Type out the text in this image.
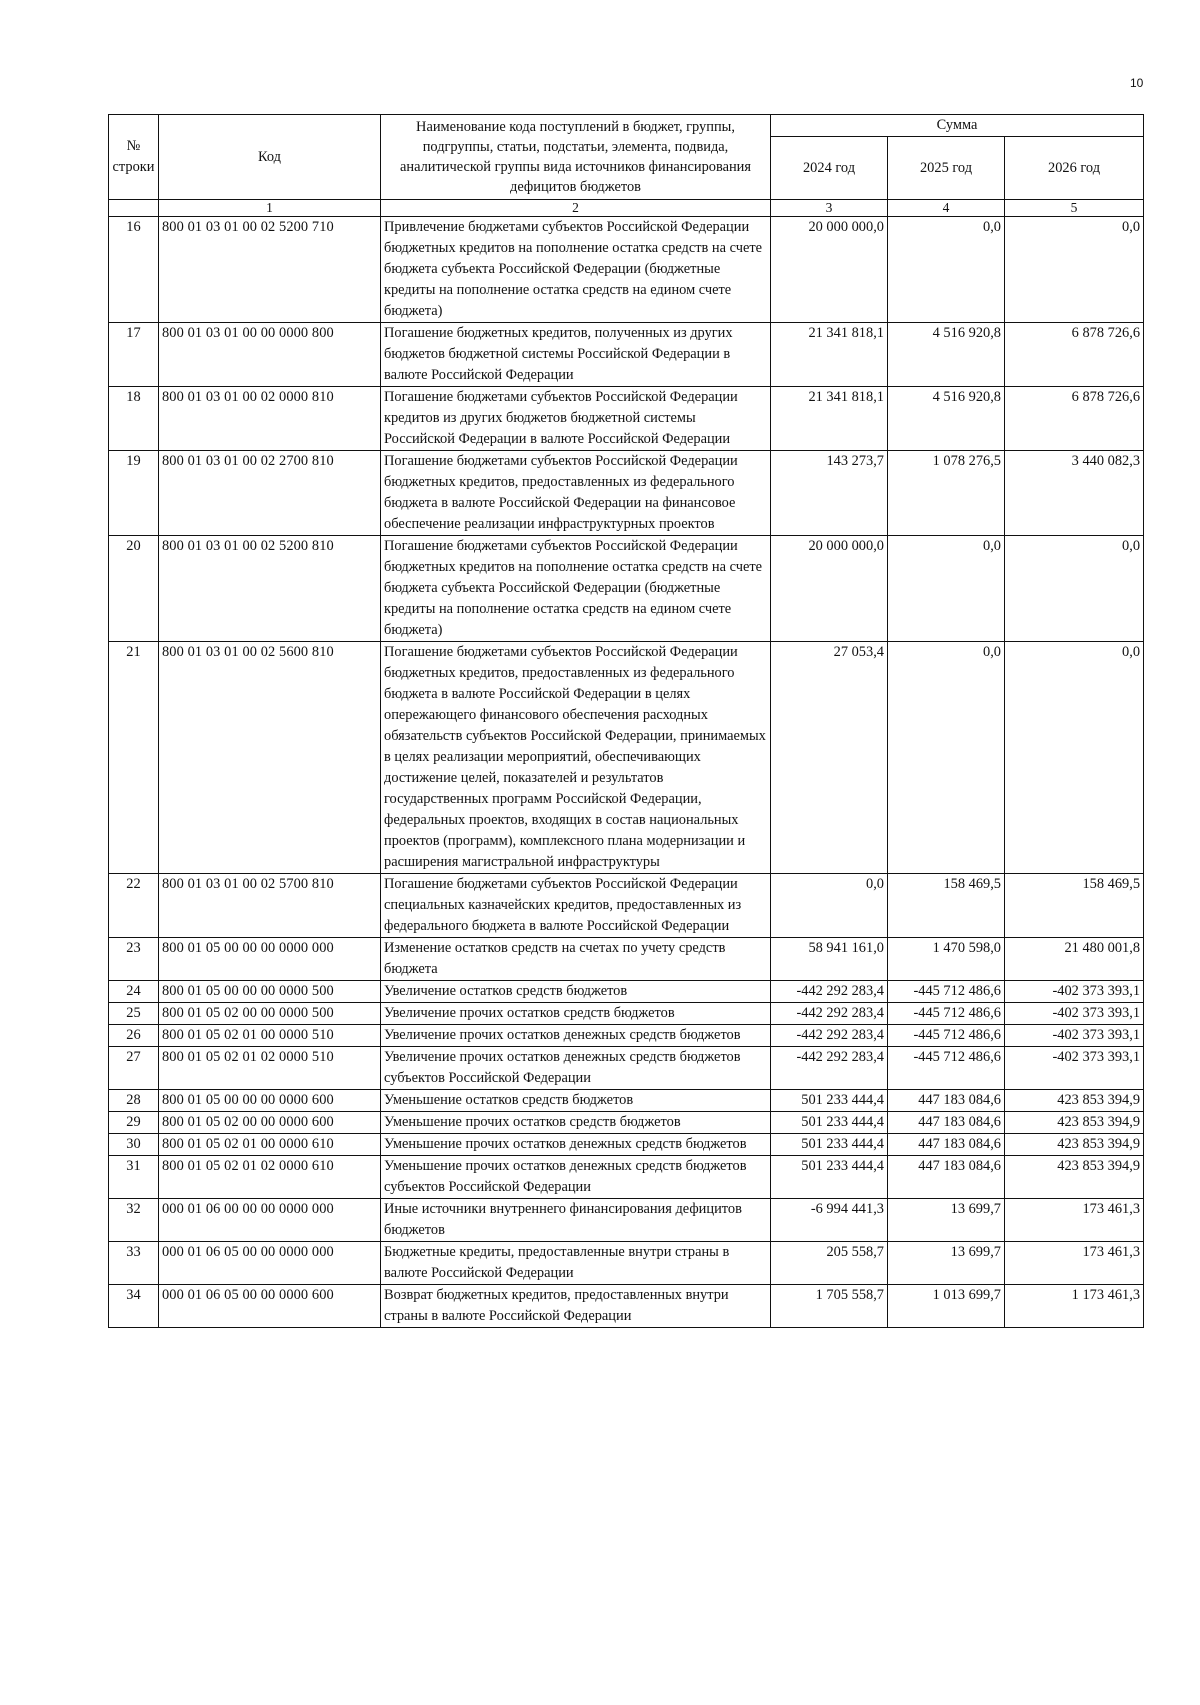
10
№ строки	Код	Наименование кода поступлений в бюджет, группы, подгруппы, статьи, подстатьи, элемента, подвида, аналитической группы вида источников финансирования дефицитов бюджетов	Сумма		
			2024 год	2025 год	2026 год
	1	2	3	4	5
16	800 01 03 01 00 02 5200 710	Привлечение бюджетами субъектов Российской Федерации бюджетных кредитов на пополнение остатка средств на счете бюджета субъекта Российской Федерации (бюджетные кредиты на пополнение остатка средств на едином счете бюджета)	20 000 000,0	0,0	0,0
17	800 01 03 01 00 00 0000 800	Погашение бюджетных кредитов, полученных из других бюджетов бюджетной системы Российской Федерации в валюте Российской Федерации	21 341 818,1	4 516 920,8	6 878 726,6
18	800 01 03 01 00 02 0000 810	Погашение бюджетами субъектов Российской Федерации кредитов из других бюджетов бюджетной системы Российской Федерации в валюте Российской Федерации	21 341 818,1	4 516 920,8	6 878 726,6
19	800 01 03 01 00 02 2700 810	Погашение бюджетами субъектов Российской Федерации бюджетных кредитов, предоставленных из федерального бюджета в валюте Российской Федерации на финансовое обеспечение реализации инфраструктурных проектов	143 273,7	1 078 276,5	3 440 082,3
20	800 01 03 01 00 02 5200 810	Погашение бюджетами субъектов Российской Федерации бюджетных кредитов на пополнение остатка средств на счете бюджета субъекта Российской Федерации (бюджетные кредиты на пополнение остатка средств на едином счете бюджета)	20 000 000,0	0,0	0,0
21	800 01 03 01 00 02 5600 810	Погашение бюджетами субъектов Российской Федерации бюджетных кредитов, предоставленных из федерального бюджета в валюте Российской Федерации в целях опережающего финансового обеспечения расходных обязательств субъектов Российской Федерации, принимаемых в целях реализации мероприятий, обеспечивающих достижение целей, показателей и результатов государственных программ Российской Федерации, федеральных проектов, входящих в состав национальных проектов (программ), комплексного плана модернизации и расширения магистральной инфраструктуры	27 053,4	0,0	0,0
22	800 01 03 01 00 02 5700 810	Погашение бюджетами субъектов Российской Федерации специальных казначейских кредитов, предоставленных из федерального бюджета в валюте Российской Федерации	0,0	158 469,5	158 469,5
23	800 01 05 00 00 00 0000 000	Изменение остатков средств на счетах по учету средств бюджета	58 941 161,0	1 470 598,0	21 480 001,8
24	800 01 05 00 00 00 0000 500	Увеличение остатков средств бюджетов	-442 292 283,4	-445 712 486,6	-402 373 393,1
25	800 01 05 02 00 00 0000 500	Увеличение прочих остатков средств бюджетов	-442 292 283,4	-445 712 486,6	-402 373 393,1
26	800 01 05 02 01 00 0000 510	Увеличение прочих остатков денежных средств бюджетов	-442 292 283,4	-445 712 486,6	-402 373 393,1
27	800 01 05 02 01 02 0000 510	Увеличение прочих остатков денежных средств бюджетов субъектов Российской Федерации	-442 292 283,4	-445 712 486,6	-402 373 393,1
28	800 01 05 00 00 00 0000 600	Уменьшение остатков средств бюджетов	501 233 444,4	447 183 084,6	423 853 394,9
29	800 01 05 02 00 00 0000 600	Уменьшение прочих остатков средств бюджетов	501 233 444,4	447 183 084,6	423 853 394,9
30	800 01 05 02 01 00 0000 610	Уменьшение прочих остатков денежных средств бюджетов	501 233 444,4	447 183 084,6	423 853 394,9
31	800 01 05 02 01 02 0000 610	Уменьшение прочих остатков денежных средств бюджетов субъектов Российской Федерации	501 233 444,4	447 183 084,6	423 853 394,9
32	000 01 06 00 00 00 0000 000	Иные источники внутреннего финансирования дефицитов бюджетов	-6 994 441,3	13 699,7	173 461,3
33	000 01 06 05 00 00 0000 000	Бюджетные кредиты, предоставленные внутри страны в валюте Российской Федерации	205 558,7	13 699,7	173 461,3
34	000 01 06 05 00 00 0000 600	Возврат бюджетных кредитов, предоставленных внутри страны в валюте Российской Федерации	1 705 558,7	1 013 699,7	1 173 461,3
